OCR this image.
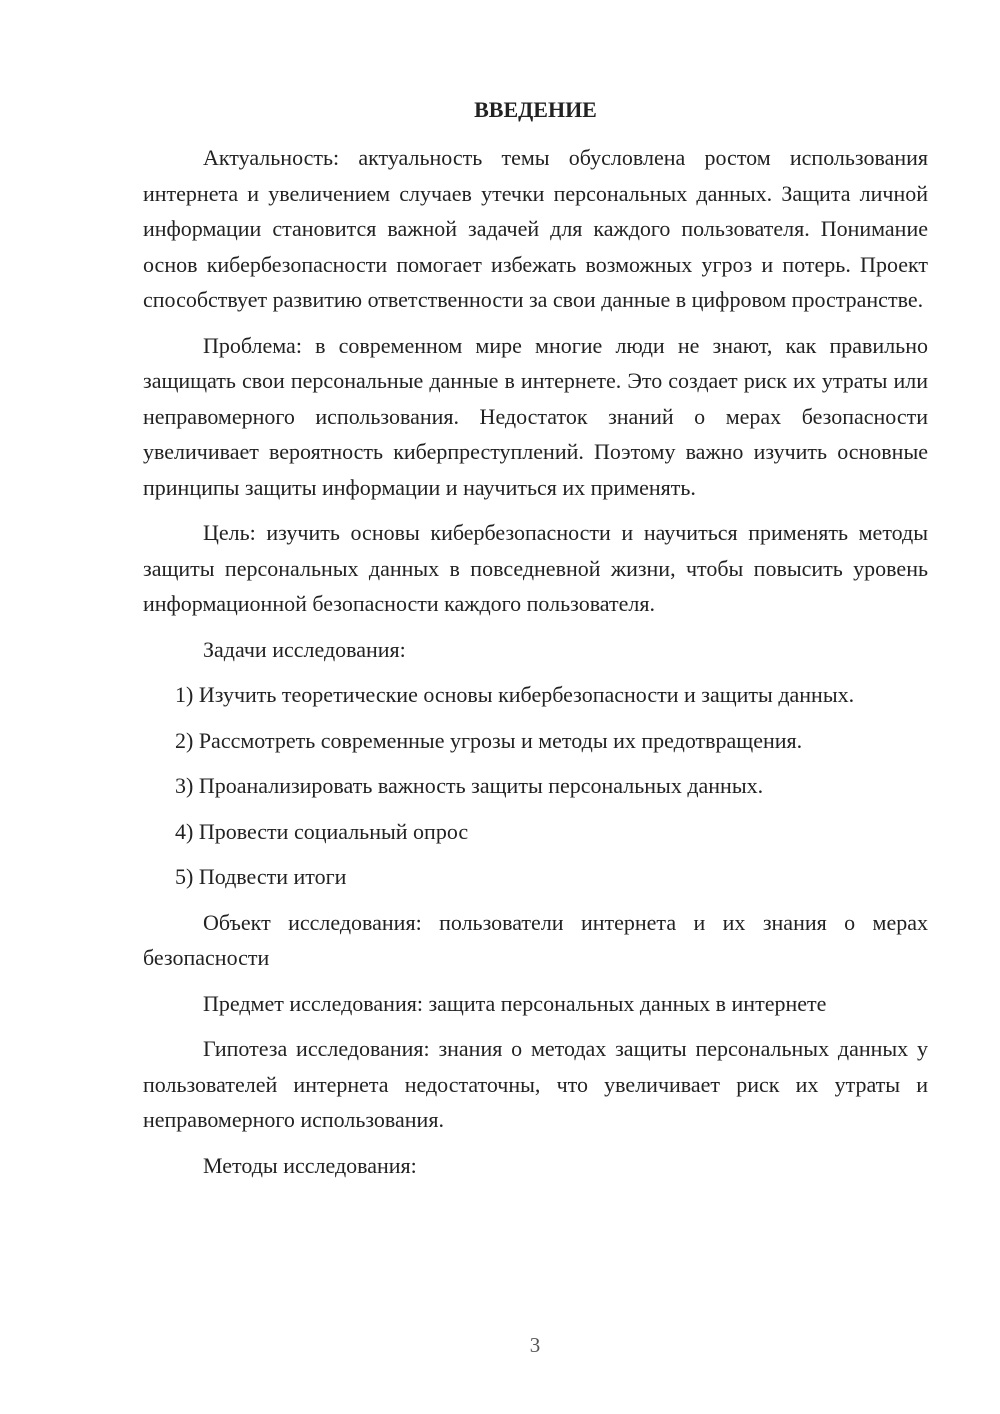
ВВЕДЕНИЕ

Актуальность: актуальность темы обусловлена ростом использования интернета и увеличением случаев утечки персональных данных. Защита личной информации становится важной задачей для каждого пользователя. Понимание основ кибербезопасности помогает избежать возможных угроз и потерь. Проект способствует развитию ответственности за свои данные в цифровом пространстве.

Проблема: в современном мире многие люди не знают, как правильно защищать свои персональные данные в интернете. Это создает риск их утраты или неправомерного использования. Недостаток знаний о мерах безопасности увеличивает вероятность киберпреступлений. Поэтому важно изучить основные принципы защиты информации и научиться их применять.

Цель: изучить основы кибербезопасности и научиться применять методы защиты персональных данных в повседневной жизни, чтобы повысить уровень информационной безопасности каждого пользователя.

Задачи исследования:

1) Изучить теоретические основы кибербезопасности и защиты данных.

2) Рассмотреть современные угрозы и методы их предотвращения.

3) Проанализировать важность защиты персональных данных.

4) Провести социальный опрос

5) Подвести итоги

Объект исследования: пользователи интернета и их знания о мерах безопасности

Предмет исследования: защита персональных данных в интернете

Гипотеза исследования: знания о методах защиты персональных данных у пользователей интернета недостаточны, что увеличивает риск их утраты и неправомерного использования.

Методы исследования:

3
